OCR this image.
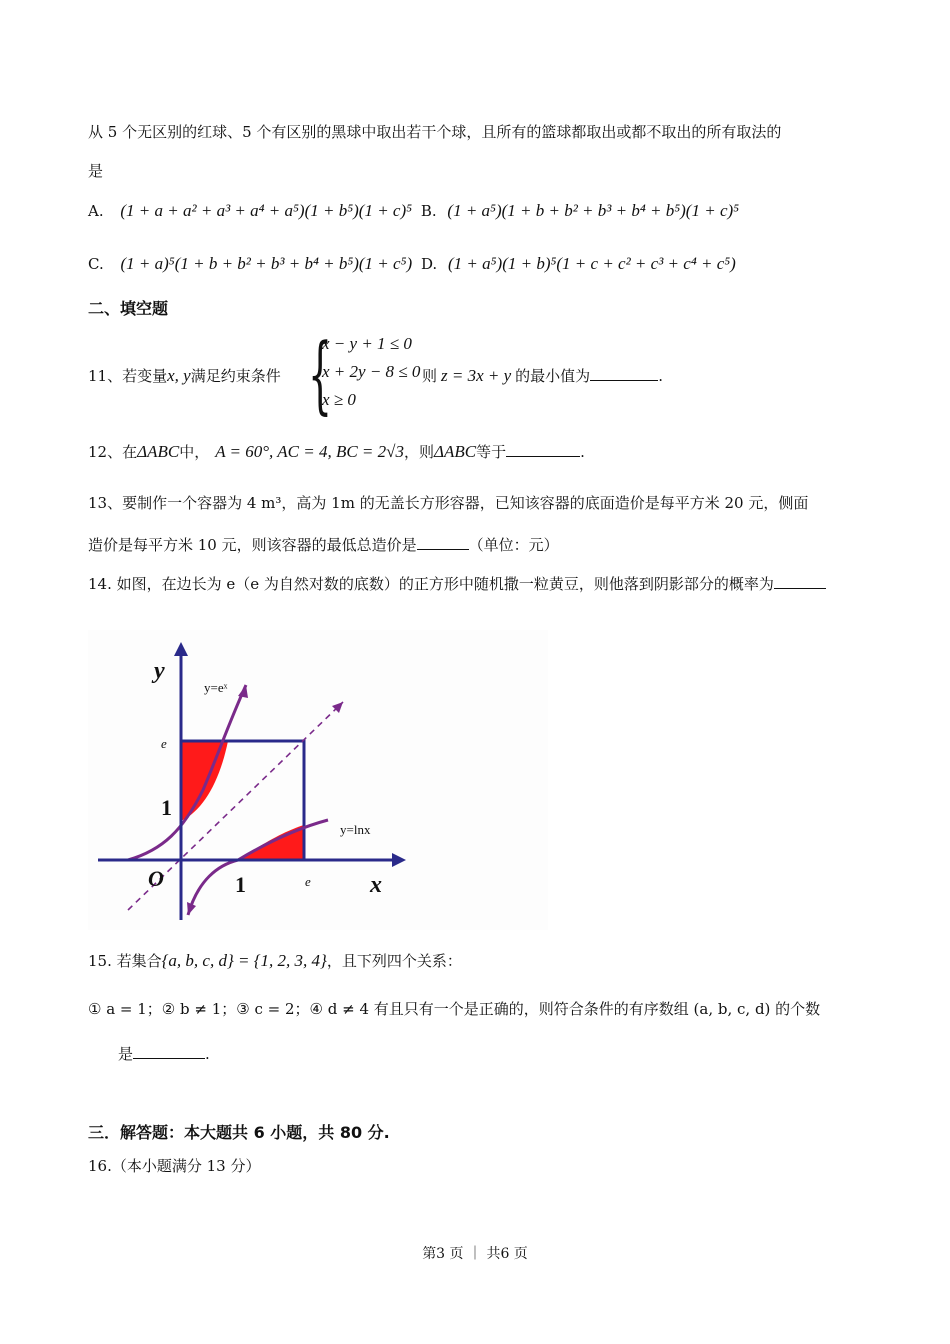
从 5 个无区别的红球、5 个有区别的黑球中取出若干个球，且所有的篮球都取出或都不取出的所有取法的
是
A. (1 + a + a² + a³ + a⁴ + a⁵)(1 + b⁵)(1 + c)⁵ B. (1 + a⁵)(1 + b + b² + b³ + b⁴ + b⁵)(1 + c)⁵
C. (1 + a)⁵(1 + b + b² + b³ + b⁴ + b⁵)(1 + c⁵) D. (1 + a⁵)(1 + b)⁵(1 + c + c² + c³ + c⁴ + c⁵)
二、填空题
11、若变量x, y满足约束条件 {
x − y + 1 ≤ 0
x + 2y − 8 ≤ 0
x ≥ 0
则 z = 3x + y 的最小值为	.
12、在ΔABC中， A = 60°, AC = 4, BC = 2√3，则ΔABC等于	.
13、要制作一个容器为 4 m³，高为 1m 的无盖长方形容器，已知该容器的底面造价是每平方米 20 元，侧面
造价是每平方米 10 元，则该容器的最低总造价是	（单位：元）
14. 如图，在边长为 e（e 为自然对数的底数）的正方形中随机撒一粒黄豆，则他落到阴影部分的概率为
y
x
O	1
1
e
e
y=eˣ
y=lnx
15. 若集合{a, b, c, d} = {1, 2, 3, 4}，且下列四个关系：
① a = 1；② b ≠ 1；③ c = 2；④ d ≠ 4 有且只有一个是正确的，则符合条件的有序数组 (a, b, c, d) 的个数
是	.
三．解答题：本大题共 6 小题，共 80 分.
16.（本小题满分 13 分）
第3 页 ｜ 共6 页
